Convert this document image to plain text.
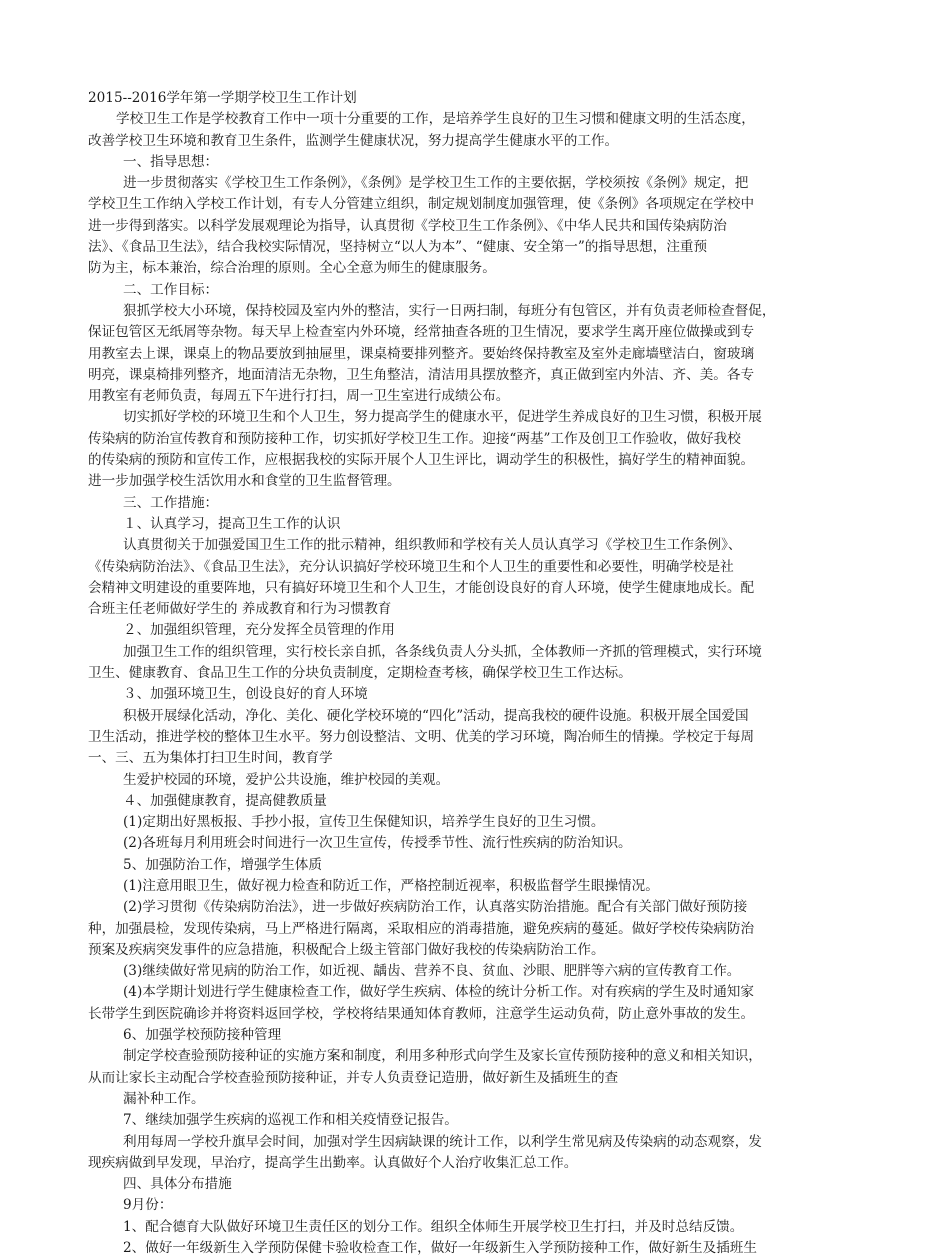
2015--2016学年第一学期学校卫生工作计划
学校卫生工作是学校教育工作中一项十分重要的工作，是培养学生良好的卫生习惯和健康文明的生活态度，
改善学校卫生环境和教育卫生条件，监测学生健康状况，努力提高学生健康水平的工作。
一、指导思想：
进一步贯彻落实《学校卫生工作条例》，《条例》是学校卫生工作的主要依据，学校须按《条例》规定，把
学校卫生工作纳入学校工作计划，有专人分管建立组织，制定规划制度加强管理，使《条例》各项规定在学校中
进一步得到落实。以科学发展观理论为指导，认真贯彻《学校卫生工作条例》、《中华人民共和国传染病防治
法》、《食品卫生法》，结合我校实际情况，坚持树立“以人为本”、“健康、安全第一”的指导思想，注重预
防为主，标本兼治，综合治理的原则。全心全意为师生的健康服务。
二、工作目标：
狠抓学校大小环境，保持校园及室内外的整洁，实行一日两扫制，每班分有包管区，并有负责老师检查督促，
保证包管区无纸屑等杂物。每天早上检查室内外环境，经常抽查各班的卫生情况，要求学生离开座位做操或到专
用教室去上课，课桌上的物品要放到抽屉里，课桌椅要排列整齐。要始终保持教室及室外走廊墙壁洁白，窗玻璃
明亮，课桌椅排列整齐，地面清洁无杂物，卫生角整洁，清洁用具摆放整齐，真正做到室内外洁、齐、美。各专
用教室有老师负责，每周五下午进行打扫，周一卫生室进行成绩公布。
切实抓好学校的环境卫生和个人卫生，努力提高学生的健康水平，促进学生养成良好的卫生习惯，积极开展
传染病的防治宣传教育和预防接种工作，切实抓好学校卫生工作。迎接“两基”工作及创卫工作验收，做好我校
的传染病的预防和宣传工作，应根据我校的实际开展个人卫生评比，调动学生的积极性，搞好学生的精神面貌。
进一步加强学校生活饮用水和食堂的卫生监督管理。
三、工作措施：
１、认真学习，提高卫生工作的认识
认真贯彻关于加强爱国卫生工作的批示精神，组织教师和学校有关人员认真学习《学校卫生工作条例》、
《传染病防治法》、《食品卫生法》，充分认识搞好学校环境卫生和个人卫生的重要性和必要性，明确学校是社
会精神文明建设的重要阵地，只有搞好环境卫生和个人卫生，才能创设良好的育人环境，使学生健康地成长。配
合班主任老师做好学生的 养成教育和行为习惯教育
２、加强组织管理，充分发挥全员管理的作用
加强卫生工作的组织管理，实行校长亲自抓，各条线负责人分头抓，全体教师一齐抓的管理模式，实行环境
卫生、健康教育、食品卫生工作的分块负责制度，定期检查考核，确保学校卫生工作达标。
３、加强环境卫生，创设良好的育人环境
积极开展绿化活动，净化、美化、硬化学校环境的“四化”活动，提高我校的硬件设施。积极开展全国爱国
卫生活动，推进学校的整体卫生水平。努力创设整洁、文明、优美的学习环境，陶冶师生的情操。学校定于每周
一、三、五为集体打扫卫生时间，教育学
生爱护校园的环境，爱护公共设施，维护校园的美观。
４、加强健康教育，提高健教质量
(1)定期出好黑板报、手抄小报，宣传卫生保健知识，培养学生良好的卫生习惯。
(2)各班每月利用班会时间进行一次卫生宣传，传授季节性、流行性疾病的防治知识。
5、加强防治工作，增强学生体质
(1)注意用眼卫生，做好视力检查和防近工作，严格控制近视率，积极监督学生眼操情况。
(2)学习贯彻《传染病防治法》，进一步做好疾病防治工作，认真落实防治措施。配合有关部门做好预防接
种，加强晨检，发现传染病，马上严格进行隔离，采取相应的消毒措施，避免疾病的蔓延。做好学校传染病防治
预案及疾病突发事件的应急措施，积极配合上级主管部门做好我校的传染病防治工作。
(3)继续做好常见病的防治工作，如近视、龋齿、营养不良、贫血、沙眼、肥胖等六病的宣传教育工作。
(4)本学期计划进行学生健康检查工作，做好学生疾病、体检的统计分析工作。对有疾病的学生及时通知家
长带学生到医院确诊并将资料返回学校，学校将结果通知体育教师，注意学生运动负荷，防止意外事故的发生。
6、加强学校预防接种管理
制定学校查验预防接种证的实施方案和制度，利用多种形式向学生及家长宣传预防接种的意义和相关知识，
从而让家长主动配合学校查验预防接种证，并专人负责登记造册，做好新生及插班生的查
漏补种工作。
7、继续加强学生疾病的巡视工作和相关疫情登记报告。
利用每周一学校升旗早会时间，加强对学生因病缺课的统计工作，以利学生常见病及传染病的动态观察，发
现疾病做到早发现，早治疗，提高学生出勤率。认真做好个人治疗收集汇总工作。
四、具体分布措施
9月份：
1、配合德育大队做好环境卫生责任区的划分工作。组织全体师生开展学校卫生打扫，并及时总结反馈。
2、做好一年级新生入学预防保健卡验收检查工作，做好一年级新生入学预防接种工作，做好新生及插班生
